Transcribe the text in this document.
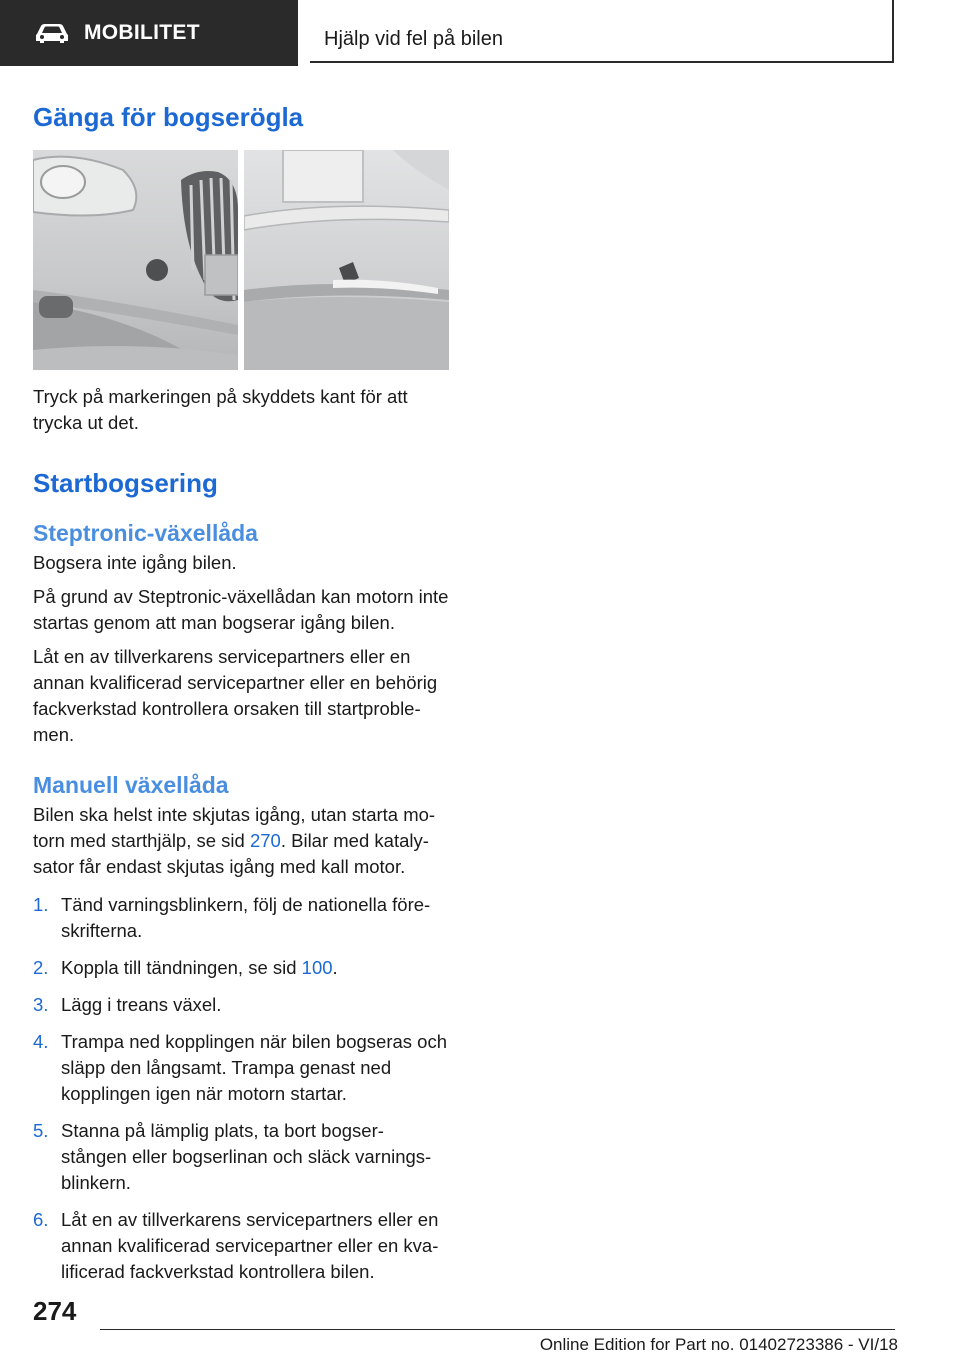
MOBILITET	Hjälp vid fel på bilen
Gänga för bogserögla

Tryck på markeringen på skyddets kant för att trycka ut det.

Startbogsering
Steptronic-växellåda

Bogsera inte igång bilen.

På grund av Steptronic-växellådan kan motorn inte startas genom att man bogserar igång bilen.

Låt en av tillverkarens servicepartners eller en annan kvalificerad servicepartner eller en behörig fackverkstad kontrollera orsaken till startproble-men.

Manuell växellåda

Bilen ska helst inte skjutas igång, utan starta mo-torn med starthjälp, se sid 270. Bilar med kataly-sator får endast skjutas igång med kall motor.

1. Tänd varningsblinkern, följ de nationella före-skrifterna.
2. Koppla till tändningen, se sid 100.
3. Lägg i treans växel.
4. Trampa ned kopplingen när bilen bogseras och släpp den långsamt. Trampa genast ned kopplingen igen när motorn startar.
5. Stanna på lämplig plats, ta bort bogser-stången eller bogserlinan och släck varnings-blinkern.
6. Låt en av tillverkarens servicepartners eller en annan kvalificerad servicepartner eller en kva-lificerad fackverkstad kontrollera bilen.
274
Online Edition for Part no. 01402723386 - VI/18
